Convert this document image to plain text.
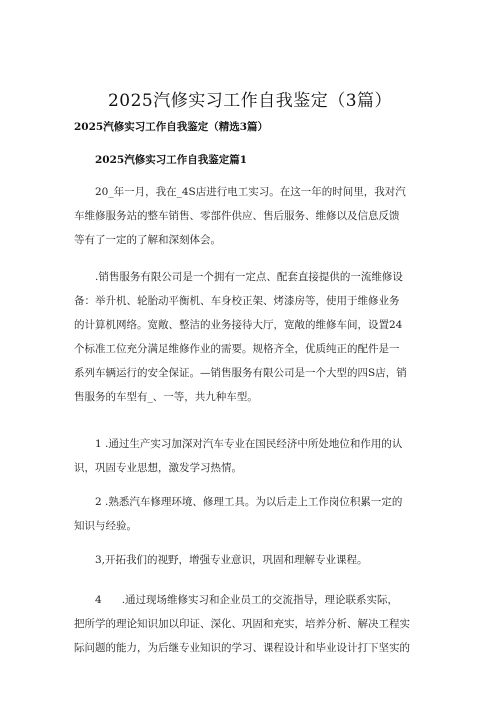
2025汽修实习工作自我鉴定（3篇）
2025汽修实习工作自我鉴定（精选3篇）
2025汽修实习工作自我鉴定篇1
20_年一月，我在_4S店进行电工实习。在这一年的时间里，我对汽
车维修服务站的整车销售、零部件供应、售后服务、维修以及信息反馈
等有了一定的了解和深刻体会。
.销售服务有限公司是一个拥有一定点、配套直接提供的一流维修设
备：举升机、轮胎动平衡机、车身校正架、烤漆房等，使用于维修业务
的计算机网络。宽敞、整洁的业务接待大厅，宽敞的维修车间，设置24
个标准工位充分满足维修作业的需要。规格齐全，优质纯正的配件是一
系列车辆运行的安全保证。—销售服务有限公司是一个大型的四S店，销
售服务的车型有_、一等，共九种车型。
1 .通过生产实习加深对汽车专业在国民经济中所处地位和作用的认
识，巩固专业思想，激发学习热情。
2 .熟悉汽车修理环境、修理工具。为以后走上工作岗位积累一定的
知识与经验。
3,开拓我们的视野，增强专业意识，巩固和理解专业课程。
4      .通过现场维修实习和企业员工的交流指导，理论联系实际，
把所学的理论知识加以印证、深化、巩固和充实，培养分析、解决工程实
际问题的能力，为后继专业知识的学习、课程设计和毕业设计打下坚实的
